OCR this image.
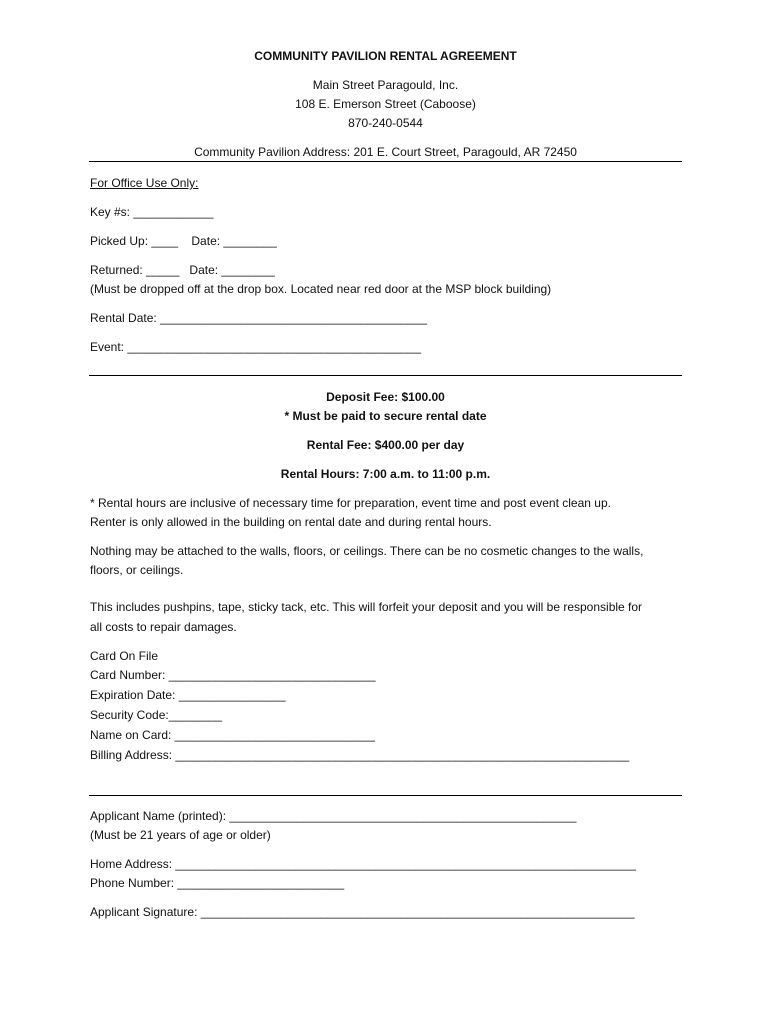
COMMUNITY PAVILION RENTAL AGREEMENT
Main Street Paragould, Inc.
108 E. Emerson Street (Caboose)
870-240-0544
Community Pavilion Address: 201 E. Court Street, Paragould, AR 72450
For Office Use Only:
Key #s: ____________
Picked Up: ____    Date: ________
Returned: _____   Date: ________
(Must be dropped off at the drop box. Located near red door at the MSP block building)
Rental Date: ________________________________________
Event: ____________________________________________
Deposit Fee: $100.00
* Must be paid to secure rental date
Rental Fee: $400.00 per day
Rental Hours: 7:00 a.m. to 11:00 p.m.
* Rental hours are inclusive of necessary time for preparation, event time and post event clean up.
Renter is only allowed in the building on rental date and during rental hours.
Nothing may be attached to the walls, floors, or ceilings. There can be no cosmetic changes to the walls,
floors, or ceilings.
This includes pushpins, tape, sticky tack, etc. This will forfeit your deposit and you will be responsible for
all costs to repair damages.
Card On File
Card Number: _______________________________
Expiration Date: ________________
Security Code:________
Name on Card: ______________________________
Billing Address: ____________________________________________________________________
Applicant Name (printed): ____________________________________________________
(Must be 21 years of age or older)
Home Address: _____________________________________________________________________
Phone Number: _________________________
Applicant Signature: _________________________________________________________________
